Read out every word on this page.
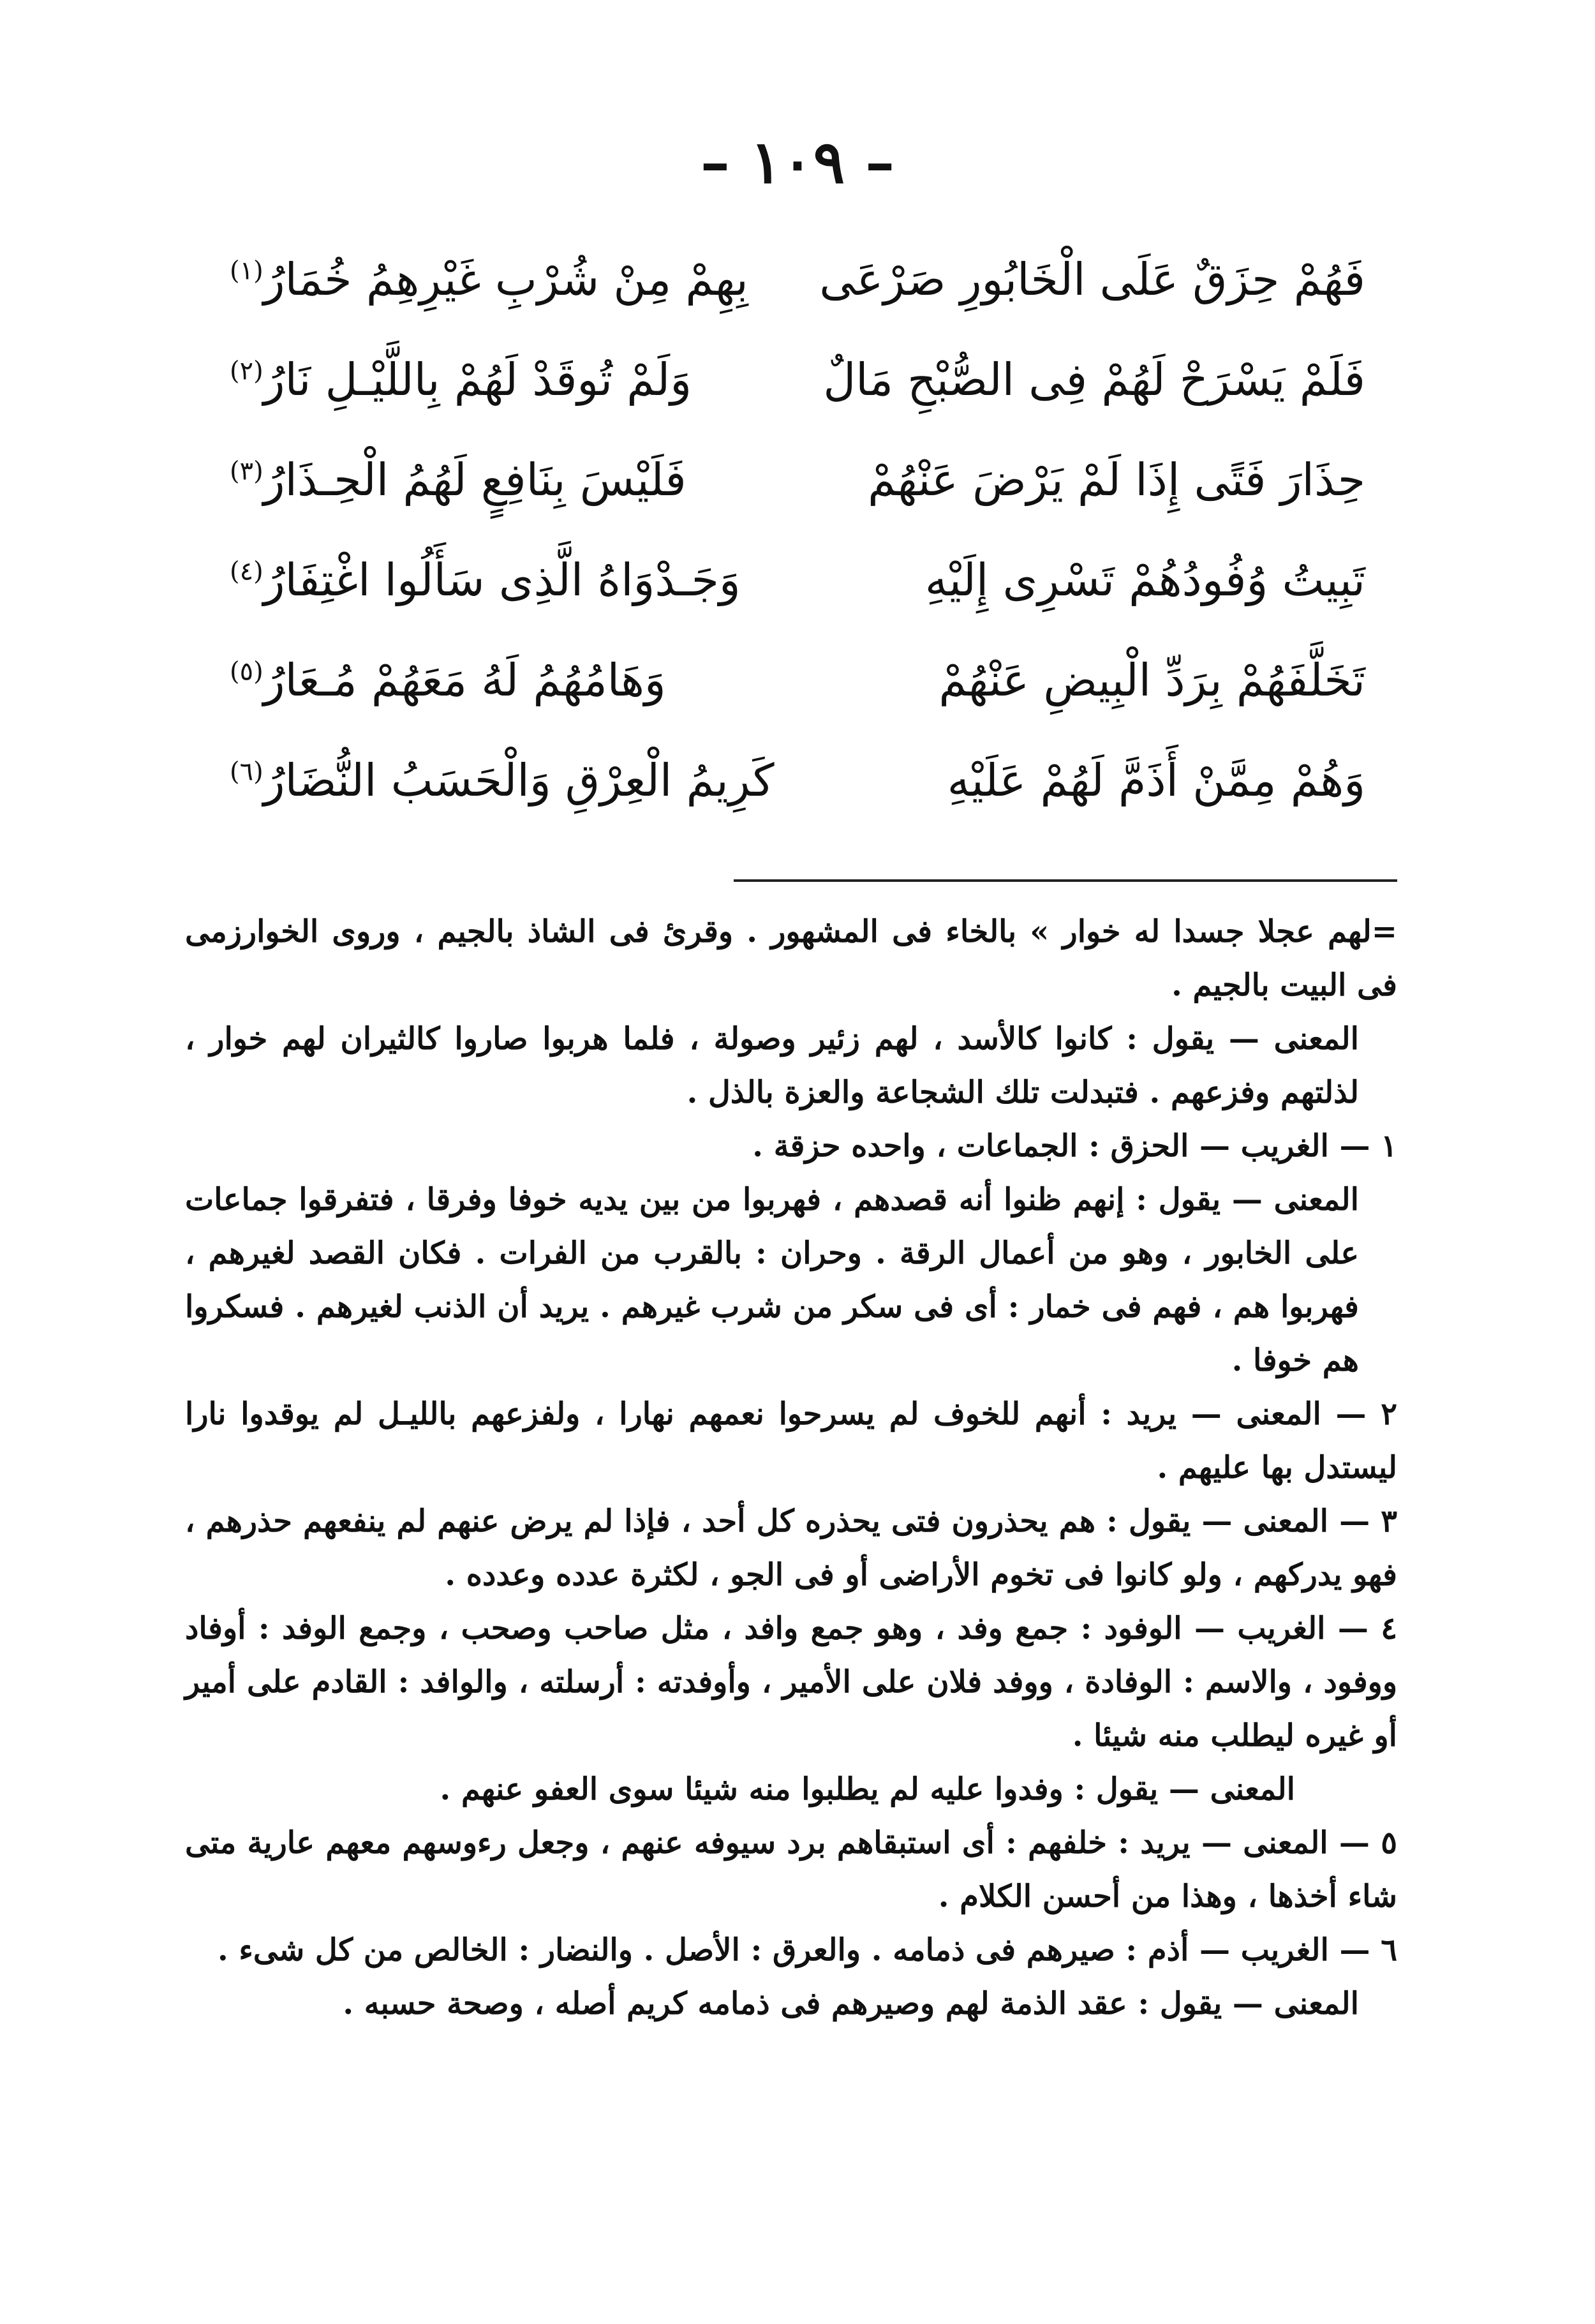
– ١٠٩ –
فَهُمْ حِزَقٌ عَلَى الْخَابُورِ صَرْعَى
بِهِمْ مِنْ شُرْبِ غَيْرِهِمُ خُمَارُ$^{(١)}$
فَلَمْ يَسْرَحْ لَهُمْ فِى الصُّبْحِ مَالٌ
وَلَمْ تُوقَدْ لَهُمْ بِاللَّيْـلِ نَارُ$^{(٢)}$
حِذَارَ فَتًى إِذَا لَمْ يَرْضَ عَنْهُمْ
فَلَيْسَ بِنَافِعٍ لَهُمُ الْحِـذَارُ$^{(٣)}$
تَبِيتُ وُفُودُهُمْ تَسْرِى إِلَيْهِ
وَجَـدْوَاهُ الَّذِى سَأَلُوا اغْتِفَارُ$^{(٤)}$
تَخَلَّفَهُمْ بِرَدِّ الْبِيضِ عَنْهُمْ
وَهَامُهُمُ لَهُ مَعَهُمْ مُـعَارُ$^{(٥)}$
وَهُمْ مِمَّنْ أَذَمَّ لَهُمْ عَلَيْهِ
كَرِيمُ الْعِرْقِ وَالْحَسَبُ النُّضَارُ$^{(٦)}$

=لهم عجلا جسدا له خوار » بالخاء فى المشهور . وقرئ فى الشاذ بالجيم ، وروى الخوارزمى فى البيت بالجيم .

المعنى — يقول : كانوا كالأسد ، لهم زئير وصولة ، فلما هربوا صاروا كالثيران لهم خوار ، لذلتهم وفزعهم . فتبدلت تلك الشجاعة والعزة بالذل .

١ — الغريب — الحزق : الجماعات ، واحده حزقة .

المعنى — يقول : إنهم ظنوا أنه قصدهم ، فهربوا من بين يديه خوفا وفرقا ، فتفرقوا جماعات على الخابور ، وهو من أعمال الرقة . وحران : بالقرب من الفرات . فكان القصد لغيرهم ، فهربوا هم ، فهم فى خمار : أى فى سكر من شرب غيرهم . يريد أن الذنب لغيرهم . فسكروا هم خوفا .

٢ — المعنى — يريد : أنهم للخوف لم يسرحوا نعمهم نهارا ، ولفزعهم بالليـل لم يوقدوا نارا ليستدل بها عليهم .

٣ — المعنى — يقول : هم يحذرون فتى يحذره كل أحد ، فإذا لم يرض عنهم لم ينفعهم حذرهم ، فهو يدركهم ، ولو كانوا فى تخوم الأراضى أو فى الجو ، لكثرة عدده وعدده .

٤ — الغريب — الوفود : جمع وفد ، وهو جمع وافد ، مثل صاحب وصحب ، وجمع الوفد : أوفاد ووفود ، والاسم : الوفادة ، ووفد فلان على الأمير ، وأوفدته : أرسلته ، والوافد : القادم على أمير أو غيره ليطلب منه شيئا .

المعنى — يقول : وفدوا عليه لم يطلبوا منه شيئا سوى العفو عنهم .

٥ — المعنى — يريد : خلفهم : أى استبقاهم برد سيوفه عنهم ، وجعل رءوسهم معهم عارية متى شاء أخذها ، وهذا من أحسن الكلام .

٦ — الغريب — أذم : صيرهم فى ذمامه . والعرق : الأصل . والنضار : الخالص من كل شىء .

المعنى — يقول : عقد الذمة لهم وصيرهم فى ذمامه كريم أصله ، وصحة حسبه .
